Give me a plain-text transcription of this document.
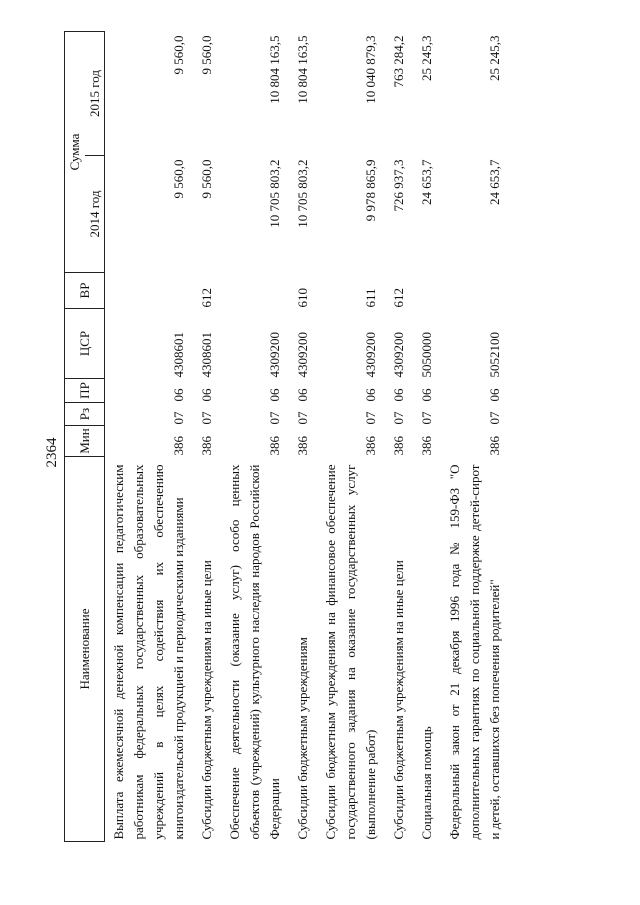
2364
Наименование	Мин	Рз	ПР	ЦСР	ВР	Сумма	
						2014 год	2015 год
Выплата ежемесячной денежной компенсации педагогическим работникам федеральных государственных образовательных учреждений в целях содействия их обеспечению книгоиздательской продукцией и периодическими изданиями	386	07	06	4308601		9 560,0	9 560,0
Субсидии бюджетным учреждениям на иные цели	386	07	06	4308601	612	9 560,0	9 560,0
Обеспечение деятельности (оказание услуг) особо ценных объектов (учреждений) культурного наследия народов Российской Федерации	386	07	06	4309200		10 705 803,2	10 804 163,5
Субсидии бюджетным учреждениям	386	07	06	4309200	610	10 705 803,2	10 804 163,5
Субсидии бюджетным учреждениям на финансовое обеспечение государственного задания на оказание государственных услуг (выполнение работ)	386	07	06	4309200	611	9 978 865,9	10 040 879,3
Субсидии бюджетным учреждениям на иные цели	386	07	06	4309200	612	726 937,3	763 284,2
Социальная помощь	386	07	06	5050000		24 653,7	25 245,3
Федеральный закон от 21 декабря 1996 года № 159-ФЗ "О дополнительных гарантиях по социальной поддержке детей-сирот и детей, оставшихся без попечения родителей"	386	07	06	5052100		24 653,7	25 245,3
